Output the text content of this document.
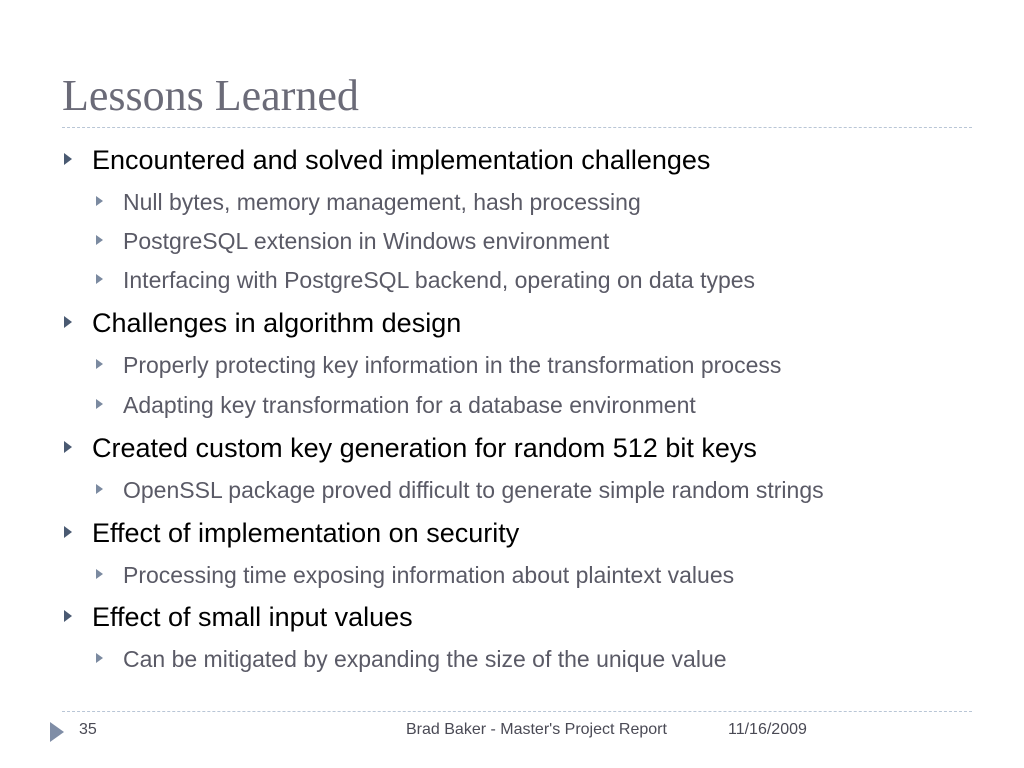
Lessons Learned
Encountered and solved implementation challenges
Null bytes, memory management, hash processing
PostgreSQL extension in Windows environment
Interfacing with PostgreSQL backend, operating on data types
Challenges in algorithm design
Properly protecting key information in the transformation process
Adapting key transformation for a database environment
Created custom key generation for random 512 bit keys
OpenSSL package proved difficult to generate simple random strings
Effect of implementation on security
Processing time exposing information about plaintext values
Effect of small input values
Can be mitigated by expanding the size of the unique value
35	Brad Baker - Master's Project Report	11/16/2009
